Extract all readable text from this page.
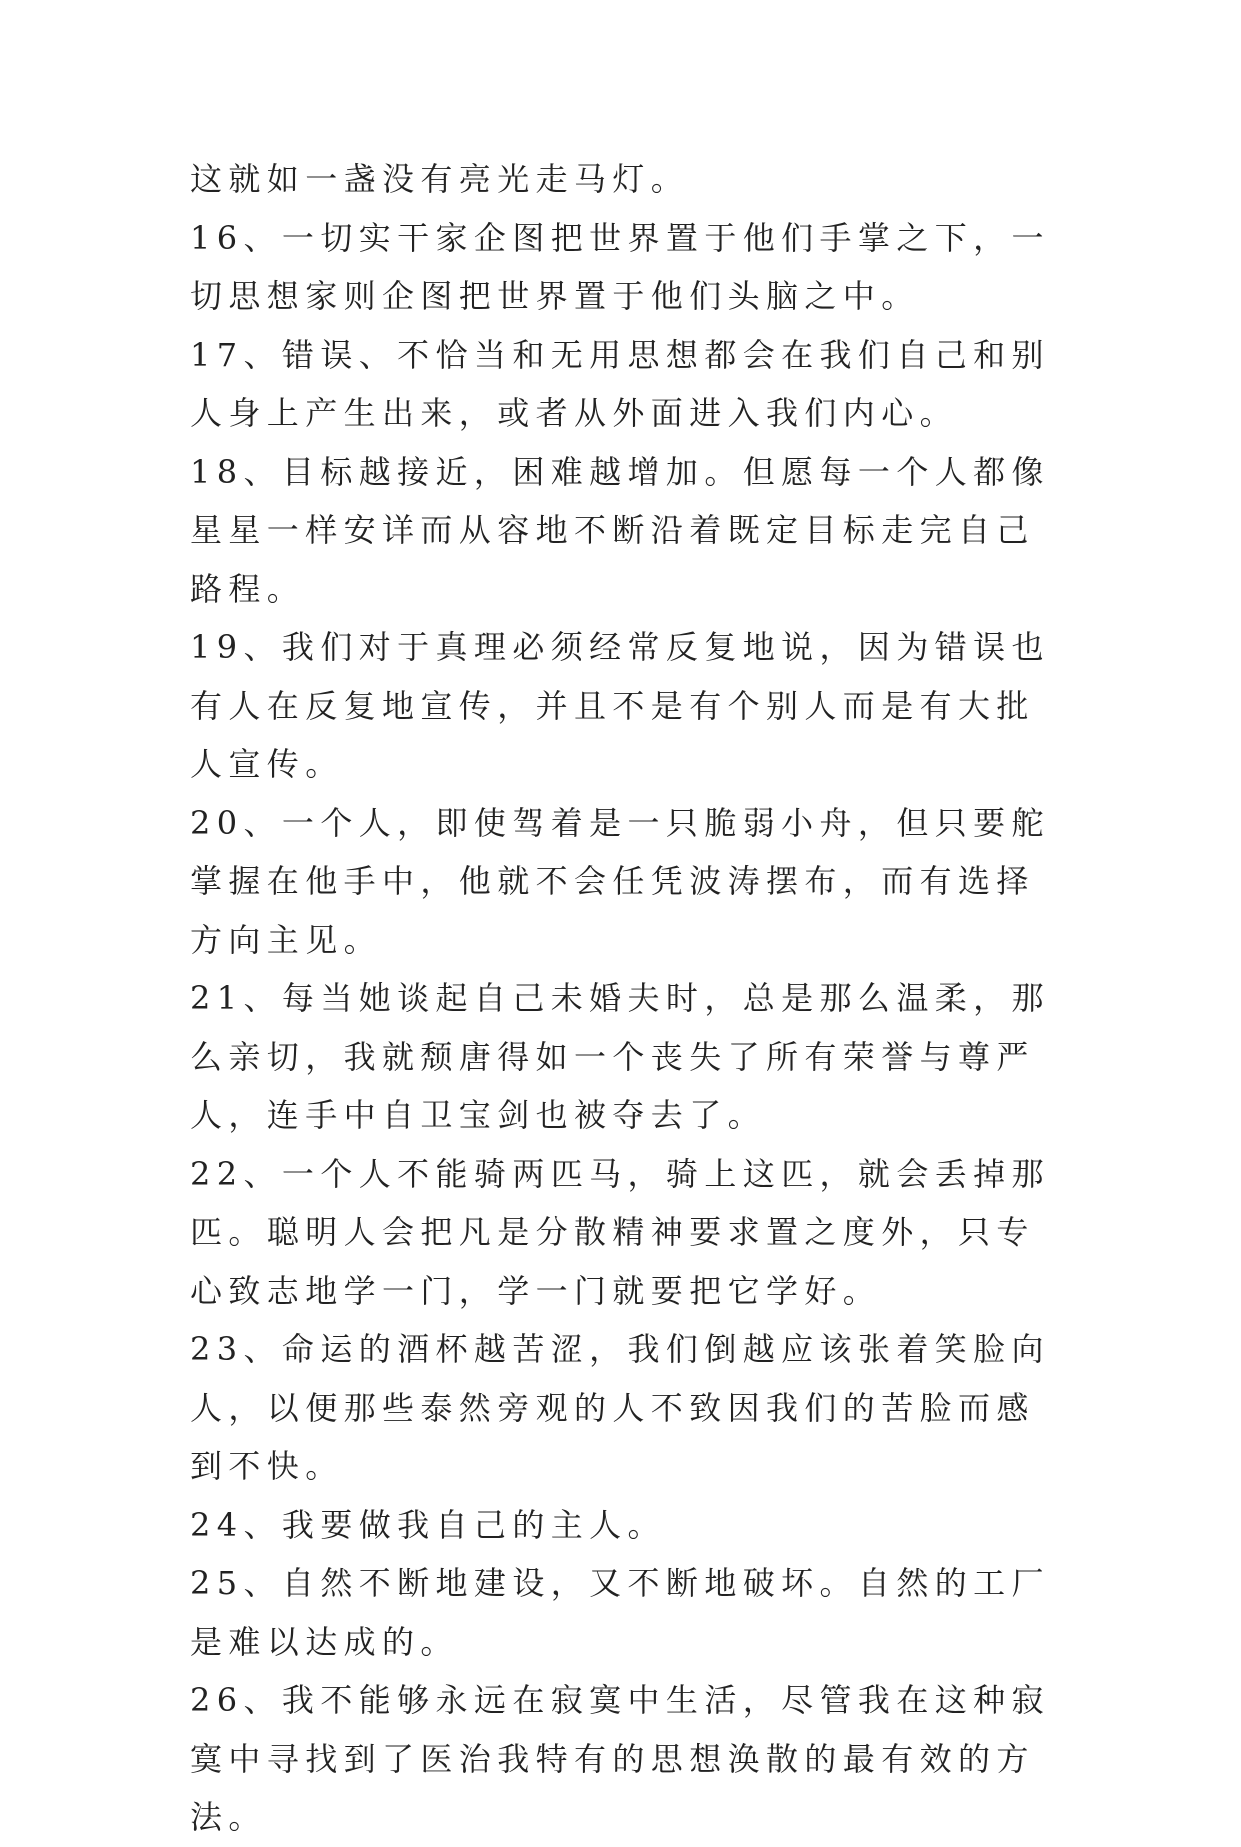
这就如一盏没有亮光走马灯。

16、一切实干家企图把世界置于他们手掌之下，一切思想家则企图把世界置于他们头脑之中。

17、错误、不恰当和无用思想都会在我们自己和别人身上产生出来，或者从外面进入我们内心。

18、目标越接近，困难越增加。但愿每一个人都像星星一样安详而从容地不断沿着既定目标走完自己路程。

19、我们对于真理必须经常反复地说，因为错误也有人在反复地宣传，并且不是有个别人而是有大批人宣传。

20、一个人，即使驾着是一只脆弱小舟，但只要舵掌握在他手中，他就不会任凭波涛摆布，而有选择方向主见。

21、每当她谈起自己未婚夫时，总是那么温柔，那么亲切，我就颓唐得如一个丧失了所有荣誉与尊严人，连手中自卫宝剑也被夺去了。

22、一个人不能骑两匹马，骑上这匹，就会丢掉那匹。聪明人会把凡是分散精神要求置之度外，只专心致志地学一门，学一门就要把它学好。

23、命运的酒杯越苦涩，我们倒越应该张着笑脸向人，以便那些泰然旁观的人不致因我们的苦脸而感到不快。

24、我要做我自己的主人。

25、自然不断地建设，又不断地破坏。自然的工厂是难以达成的。

26、我不能够永远在寂寞中生活，尽管我在这种寂寞中寻找到了医治我特有的思想涣散的最有效的方法。
